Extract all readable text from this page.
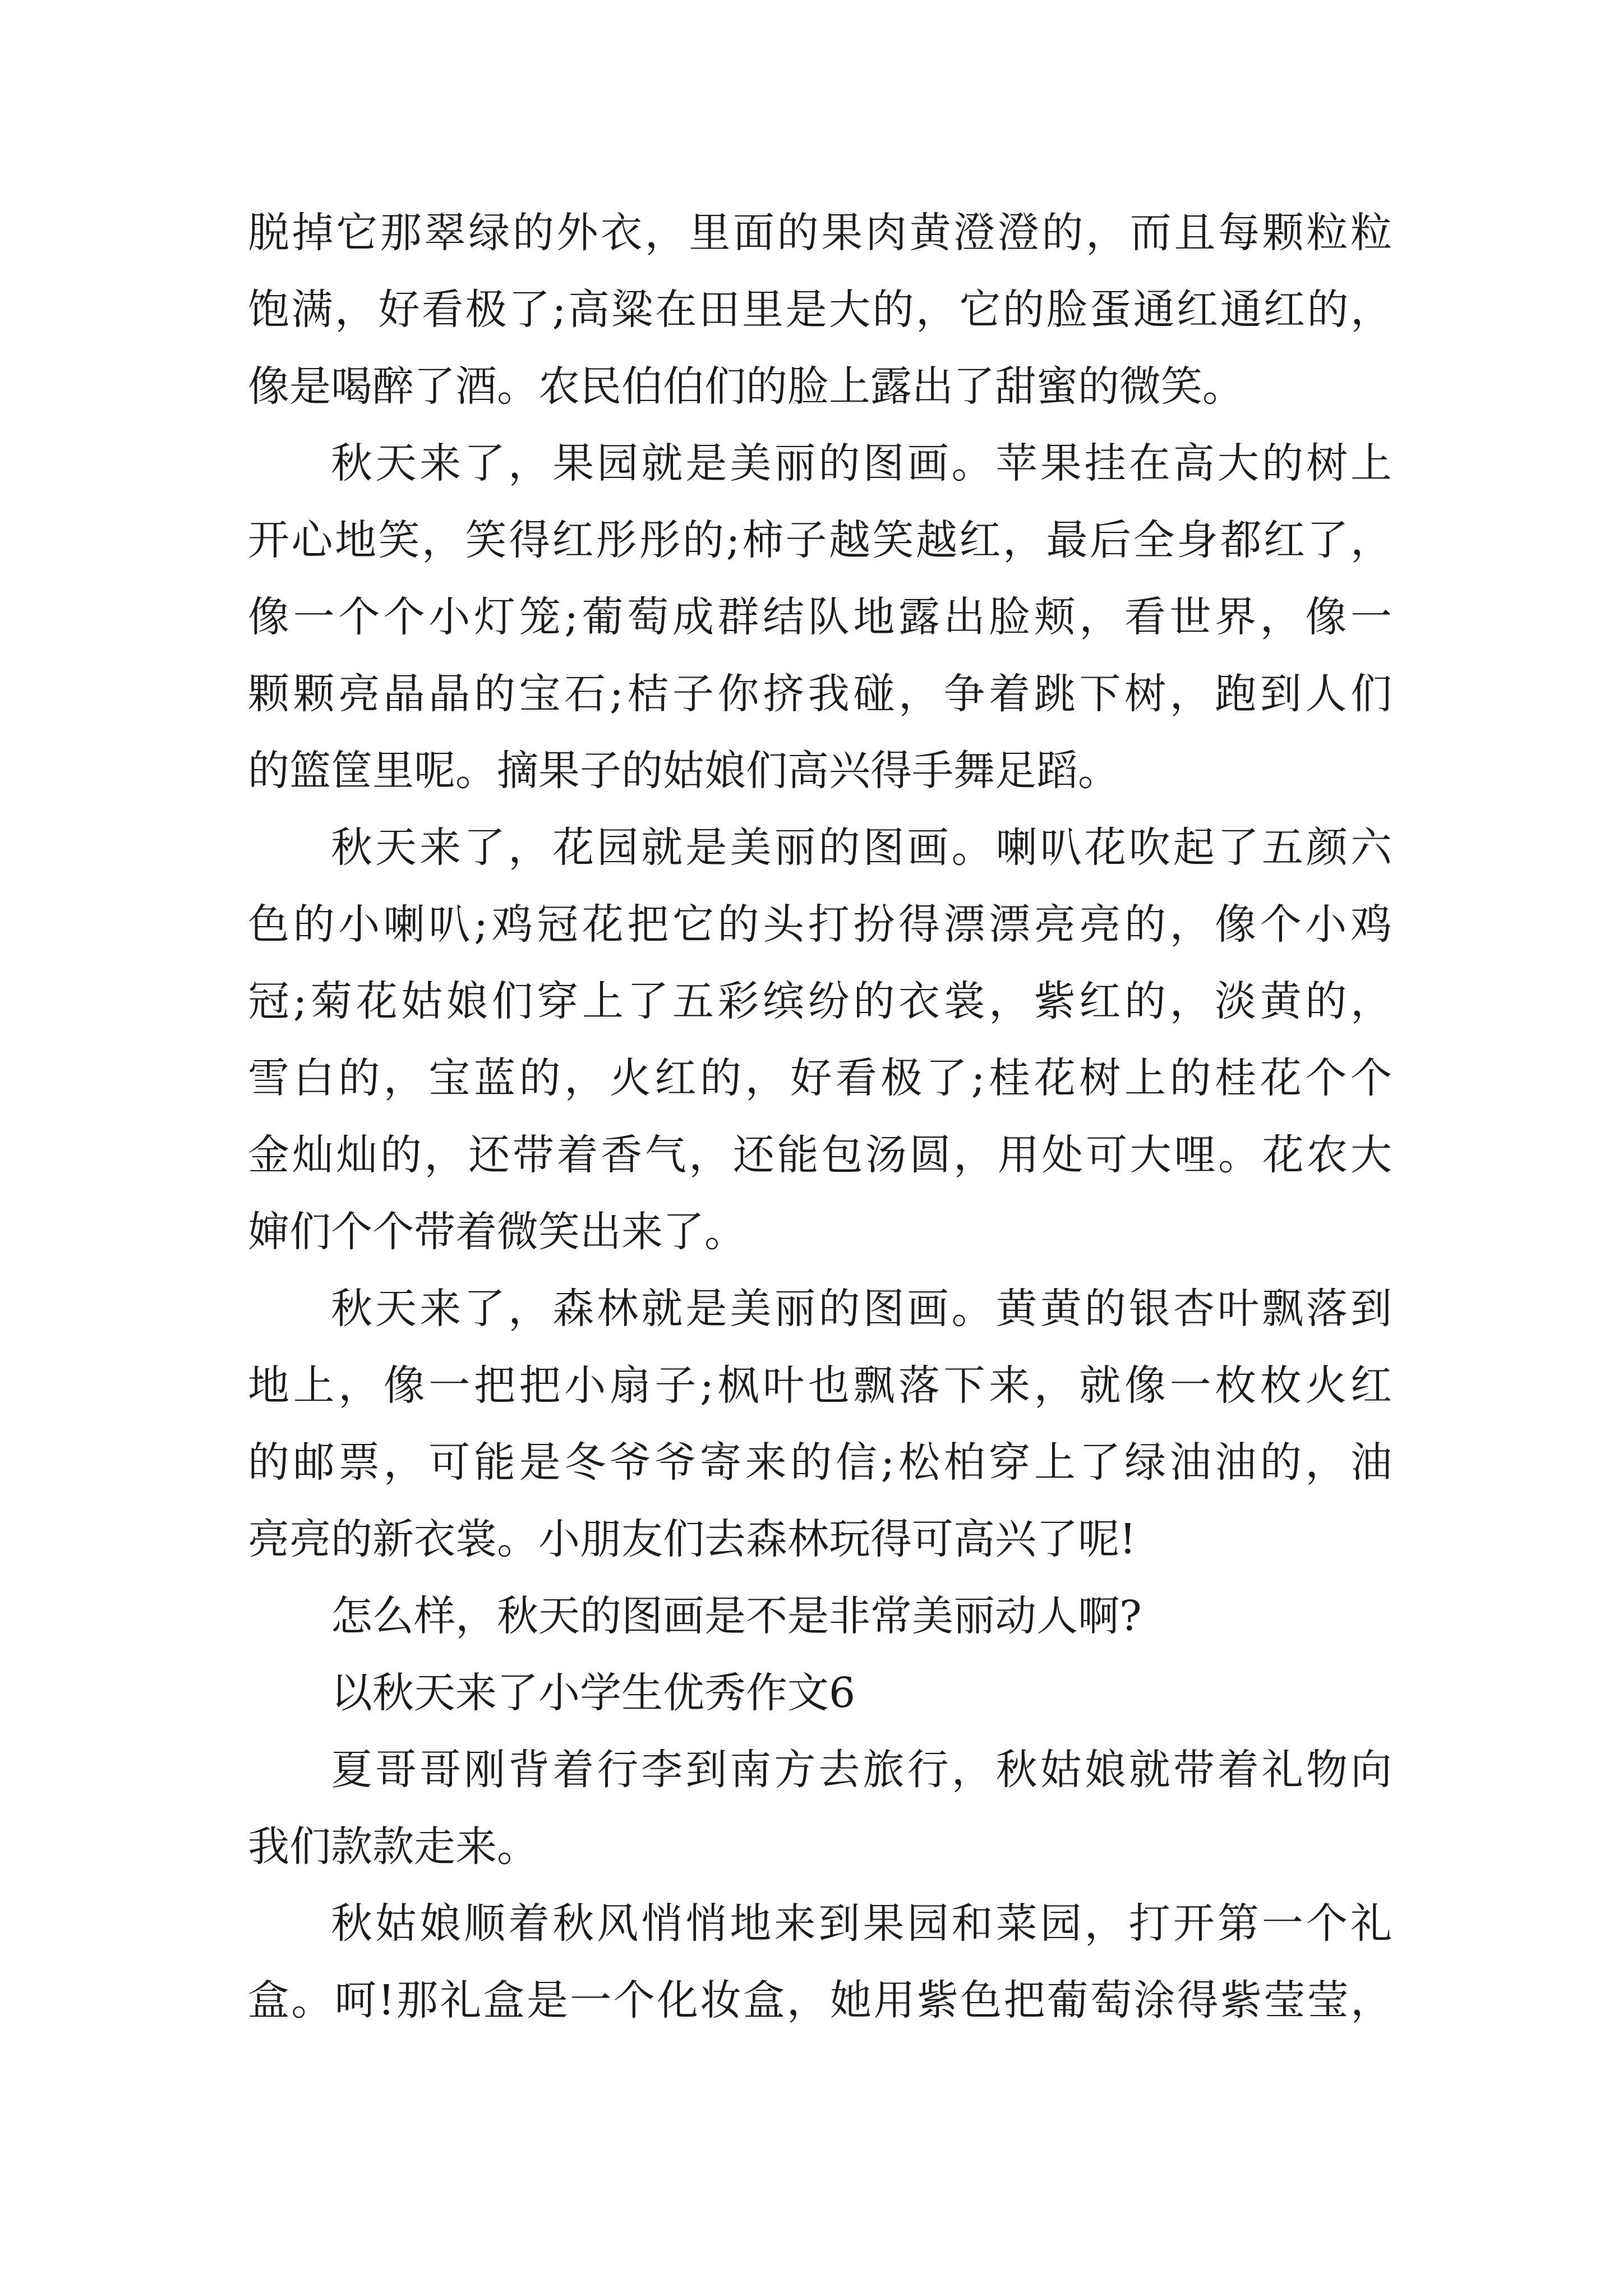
脱掉它那翠绿的外衣，里面的果肉黄澄澄的，而且每颗粒粒
饱满，好看极了;高粱在田里是大的，它的脸蛋通红通红的，
像是喝醉了酒。农民伯伯们的脸上露出了甜蜜的微笑。
秋天来了，果园就是美丽的图画。苹果挂在高大的树上
开心地笑，笑得红彤彤的;柿子越笑越红，最后全身都红了，
像一个个小灯笼;葡萄成群结队地露出脸颊，看世界，像一
颗颗亮晶晶的宝石;桔子你挤我碰，争着跳下树，跑到人们
的篮筐里呢。摘果子的姑娘们高兴得手舞足蹈。
秋天来了，花园就是美丽的图画。喇叭花吹起了五颜六
色的小喇叭;鸡冠花把它的头打扮得漂漂亮亮的，像个小鸡
冠;菊花姑娘们穿上了五彩缤纷的衣裳，紫红的，淡黄的，
雪白的，宝蓝的，火红的，好看极了;桂花树上的桂花个个
金灿灿的，还带着香气，还能包汤圆，用处可大哩。花农大
婶们个个带着微笑出来了。
秋天来了，森林就是美丽的图画。黄黄的银杏叶飘落到
地上，像一把把小扇子;枫叶也飘落下来，就像一枚枚火红
的邮票，可能是冬爷爷寄来的信;松柏穿上了绿油油的，油
亮亮的新衣裳。小朋友们去森林玩得可高兴了呢!
怎么样，秋天的图画是不是非常美丽动人啊?
以秋天来了小学生优秀作文6
夏哥哥刚背着行李到南方去旅行，秋姑娘就带着礼物向
我们款款走来。
秋姑娘顺着秋风悄悄地来到果园和菜园，打开第一个礼
盒。呵!那礼盒是一个化妆盒，她用紫色把葡萄涂得紫莹莹，
